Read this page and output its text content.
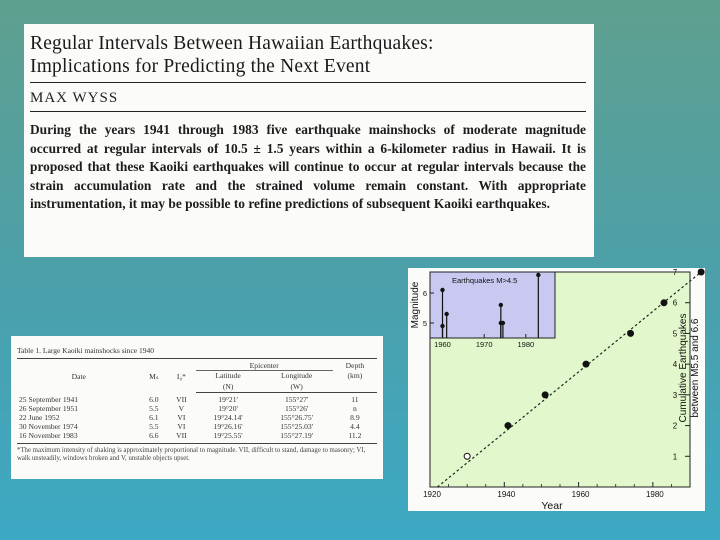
Regular Intervals Between Hawaiian Earthquakes:
Implications for Predicting the Next Event
MAX WYSS
During the years 1941 through 1983 five earthquake mainshocks of moderate magnitude occurred at regular intervals of 10.5 ± 1.5 years within a 6-kilometer radius in Hawaii. It is proposed that these Kaoiki earthquakes will continue to occur at regular intervals because the strain accumulation rate and the strained volume remain constant. With appropriate instrumentation, it may be possible to refine predictions of subsequent Kaoiki earthquakes.
Table 1. Large Kaoiki mainshocks since 1940
Date	Mₛ	I₀*	Epicenter		Depth
			Latitude	Longitude	(km)
			(N)	(W)	
25 September 1941	6.0	VII	19°21'	155°27'	11
26 September 1951	5.5	V	19°20'	155°26'	n
22 June 1952	6.1	VI	19°24.14'	155°26.75'	8.9
30 November 1974	5.5	VI	19°26.16'	155°25.03'	4.4
16 November 1983	6.6	VII	19°25.55'	155°27.19'	11.2
*The maximum intensity of shaking is approximately proportional to magnitude. VII, difficult to stand, damage to masonry; VI, walk unsteadily, windows broken and V, unstable objects upset.	1
2
3
4
5
6
7
1920	1940	1960	1980
Year
Cumulative Earthquakes between M5.5 and 6.6
Earthquakes M>4.5
5
6
1960	1970	1980
Magnitude
